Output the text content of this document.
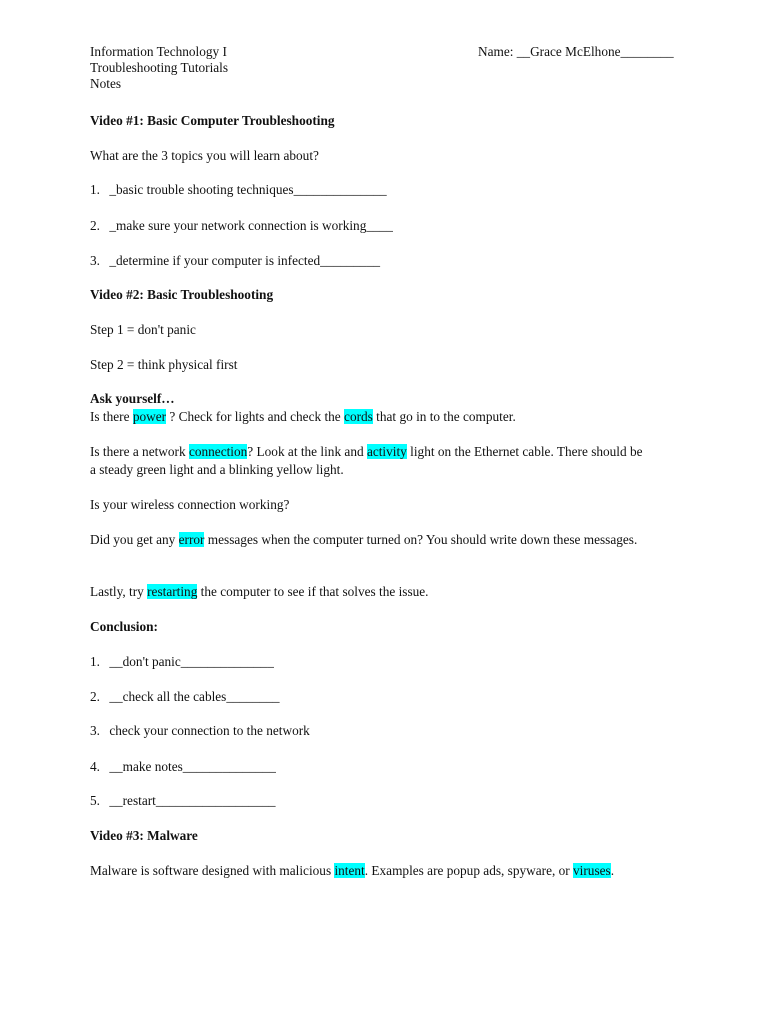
Information Technology I
Troubleshooting Tutorials
Notes
Name: __Grace McElhone________
Video #1: Basic Computer Troubleshooting
What are the 3 topics you will learn about?
1. _basic trouble shooting techniques______________
2. _make sure your network connection is working____
3. _determine if your computer is infected_________
Video #2: Basic Troubleshooting
Step 1 = don't panic
Step 2 = think physical first
Ask yourself…
Is there power ? Check for lights and check the cords that go in to the computer.
Is there a network connection? Look at the link and activity light on the Ethernet cable. There should be a steady green light and a blinking yellow light.
Is your wireless connection working?
Did you get any error messages when the computer turned on? You should write down these messages.
Lastly, try restarting the computer to see if that solves the issue.
Conclusion:
1. __don't panic______________
2. __check all the cables________
3. check your connection to the network
4. __make notes______________
5. __restart__________________
Video #3: Malware
Malware is software designed with malicious intent. Examples are popup ads, spyware, or viruses.
